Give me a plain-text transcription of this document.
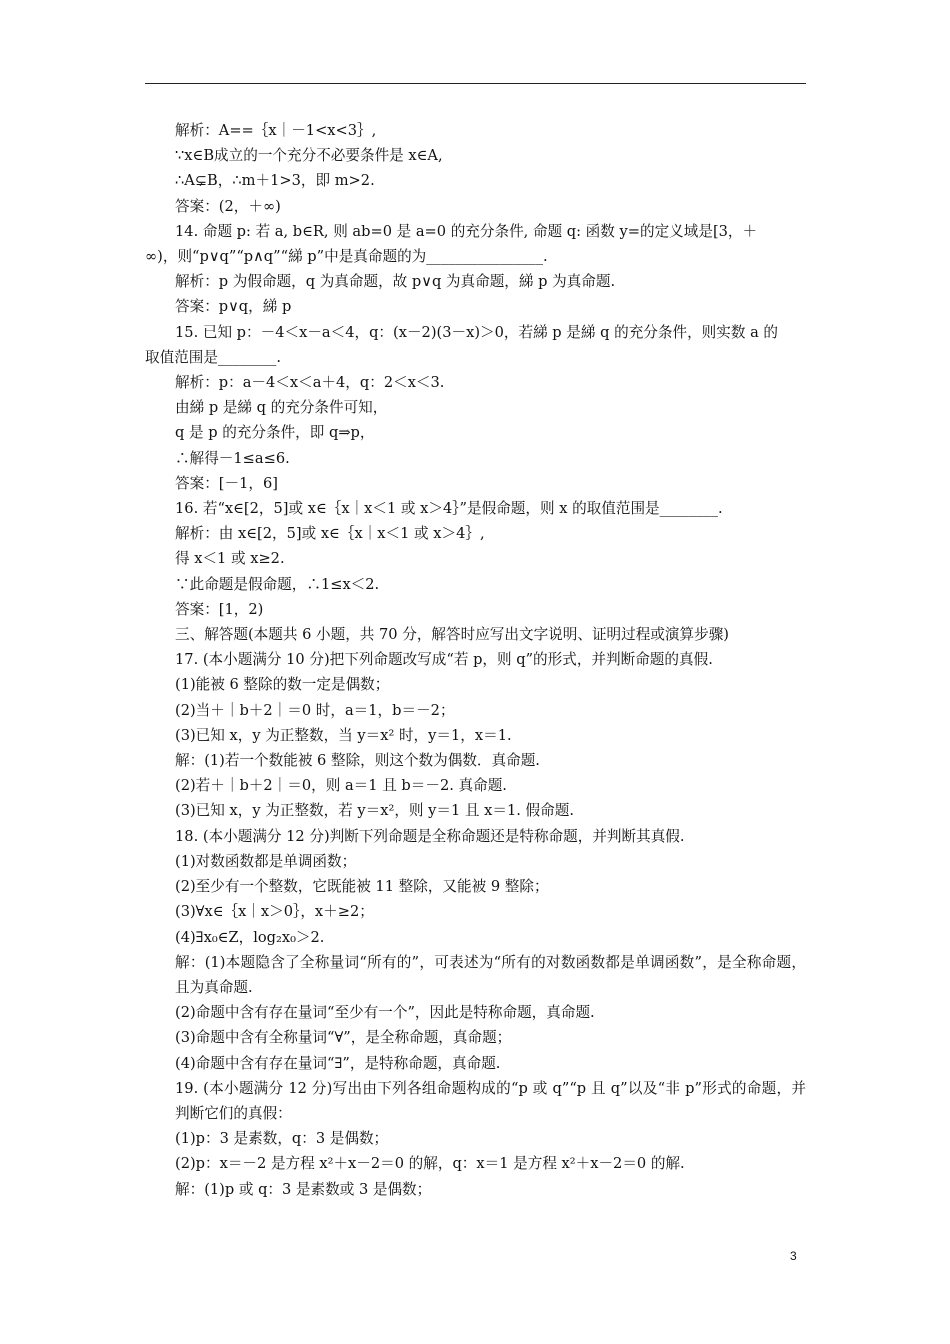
解析：A==｛x｜－1<x<3｝,

∵x∈B成立的一个充分不必要条件是 x∈A,

∴A⊊B，∴m＋1>3，即 m>2.

答案：(2，＋∞)

14. 命题 p: 若 a, b∈R, 则 ab=0 是 a=0 的充分条件, 命题 q: 函数 y=的定义域是[3，＋

∞)，则“p∨q”“p∧q”“綈 p”中是真命题的为________________.

解析：p 为假命题，q 为真命题，故 p∨q 为真命题，綈 p 为真命题.

答案：p∨q，綈 p

15. 已知 p：－4＜x－a＜4，q：(x－2)(3－x)＞0，若綈 p 是綈 q 的充分条件，则实数 a 的

取值范围是________.

解析：p：a－4＜x＜a＋4，q：2＜x＜3.

由綈 p 是綈 q 的充分条件可知，

q 是 p 的充分条件，即 q⇒p，

∴解得－1≤a≤6.

答案：[－1，6]

16. 若“x∈[2，5]或 x∈｛x｜x＜1 或 x＞4｝”是假命题，则 x 的取值范围是________.

解析：由 x∈[2，5]或 x∈｛x｜x＜1 或 x＞4｝,

得 x＜1 或 x≥2.

∵此命题是假命题，∴1≤x＜2.

答案：[1，2)

三、解答题(本题共 6 小题，共 70 分，解答时应写出文字说明、证明过程或演算步骤)

17. (本小题满分 10 分)把下列命题改写成“若 p，则 q”的形式，并判断命题的真假.

(1)能被 6 整除的数一定是偶数；

(2)当＋｜b＋2｜＝0 时，a＝1，b＝－2；

(3)已知 x，y 为正整数，当 y＝x² 时，y＝1，x＝1.

解：(1)若一个数能被 6 整除，则这个数为偶数．真命题.

(2)若＋｜b＋2｜＝0，则 a＝1 且 b＝－2. 真命题.

(3)已知 x，y 为正整数，若 y＝x²，则 y＝1 且 x＝1. 假命题.

18. (本小题满分 12 分)判断下列命题是全称命题还是特称命题，并判断其真假.

(1)对数函数都是单调函数；

(2)至少有一个整数，它既能被 11 整除，又能被 9 整除；

(3)∀x∈｛x｜x＞0｝，x＋≥2；

(4)∃x₀∈Z，log₂x₀＞2.

解：(1)本题隐含了全称量词“所有的”，可表述为“所有的对数函数都是单调函数”，是全称命题，且为真命题.

(2)命题中含有存在量词“至少有一个”，因此是特称命题，真命题.

(3)命题中含有全称量词“∀”，是全称命题，真命题；

(4)命题中含有存在量词“∃”，是特称命题，真命题.

19. (本小题满分 12 分)写出由下列各组命题构成的“p 或 q”“p 且 q”以及“非 p”形式的命题，并判断它们的真假：

(1)p：3 是素数，q：3 是偶数；

(2)p：x＝－2 是方程 x²＋x－2＝0 的解，q：x＝1 是方程 x²＋x－2＝0 的解.

解：(1)p 或 q：3 是素数或 3 是偶数；

3
